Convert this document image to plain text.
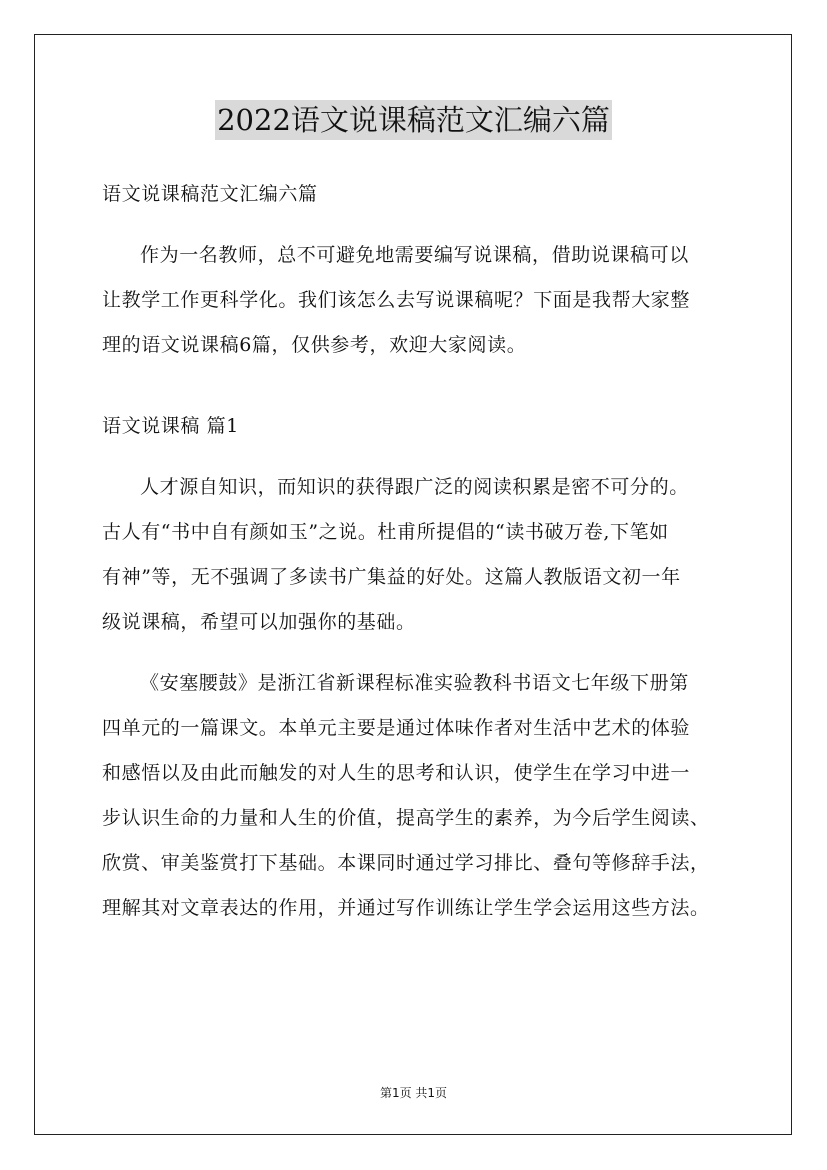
2022语文说课稿范文汇编六篇
语文说课稿范文汇编六篇
作为一名教师，总不可避免地需要编写说课稿，借助说课稿可以
让教学工作更科学化。我们该怎么去写说课稿呢？下面是我帮大家整
理的语文说课稿6篇，仅供参考，欢迎大家阅读。
语文说课稿 篇1
人才源自知识，而知识的获得跟广泛的阅读积累是密不可分的。
古人有“书中自有颜如玉”之说。杜甫所提倡的“读书破万卷,下笔如
有神”等，无不强调了多读书广集益的好处。这篇人教版语文初一年
级说课稿，希望可以加强你的基础。
《安塞腰鼓》是浙江省新课程标准实验教科书语文七年级下册第
四单元的一篇课文。本单元主要是通过体味作者对生活中艺术的体验
和感悟以及由此而触发的对人生的思考和认识，使学生在学习中进一
步认识生命的力量和人生的价值，提高学生的素养，为今后学生阅读、
欣赏、审美鉴赏打下基础。本课同时通过学习排比、叠句等修辞手法，
理解其对文章表达的作用，并通过写作训练让学生学会运用这些方法。
第1页 共1页
